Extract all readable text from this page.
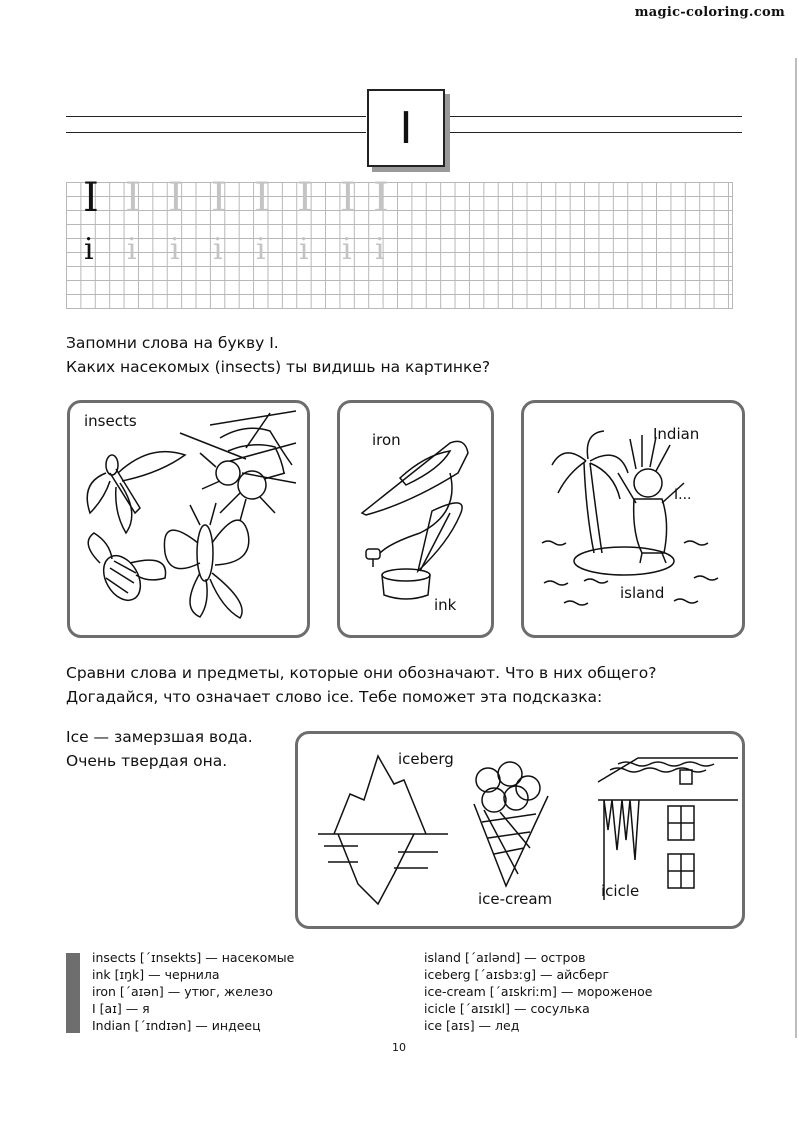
magic-coloring.com
I
I I I I I I I I
i i i i i i i i
Запомни слова на букву I.
Каких насекомых (insects) ты видишь на картинке?
insects
iron
ink
Indian
I...
island
Сравни слова и предметы, которые они обозначают. Что в них общего?
Догадайся, что означает слово ice. Тебе поможет эта подсказка:
Ice — замерзшая вода.
Очень твердая она.	iceberg
ice-cream	icicle
insects [´ɪnsekts] — насекомые
ink [ɪŋk] — чернила
iron [´aɪən] — утюг, железо
I [aɪ] — я
Indian [´ɪndɪən] — индеец
island [´aɪlənd] — остров
iceberg [´aɪsbɜːg] — айсберг
ice-cream [´aɪskriːm] — мороженое
icicle [´aɪsɪkl] — сосулька
ice [aɪs] — лед
10
